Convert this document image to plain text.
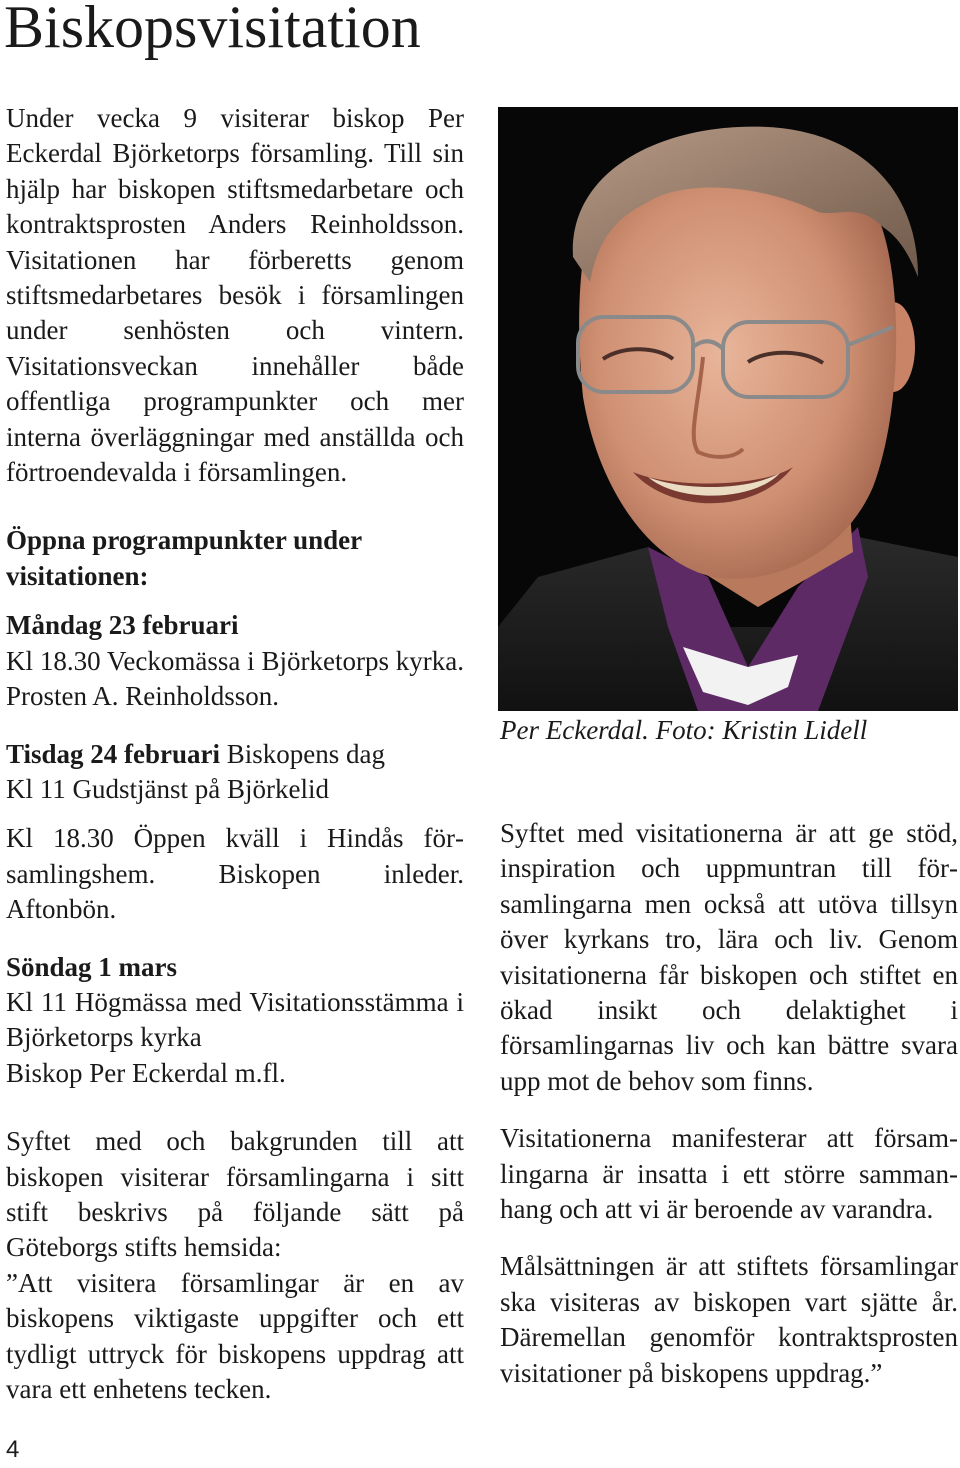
Biskopsvisitation

Under vecka 9 visiterar biskop Per Eckerdal Björketorps församling. Till sin hjälp har biskopen stiftsmedarbetare och kontraktsprosten Anders Reinholdsson. Visitationen har förberetts genom stiftsmedarbetares besök i församlingen under senhösten och vintern. Visitationsveckan innehåller både offentliga programpunkter och mer interna överläggningar med anställda och förtroendevalda i församlingen.

Öppna programpunkter under visitationen:

Måndag 23 februari

Kl 18.30 Veckomässa i Björketorps kyrka. Prosten A. Reinholdsson.

Tisdag 24 februari Biskopens dag

Kl 11 Gudstjänst på Björkelid

Kl 18.30 Öppen kväll i Hindås församlingshem. Biskopen inleder. Aftonbön.

Söndag 1 mars

Kl 11 Högmässa med Visitationsstämma i Björketorps kyrka

Biskop Per Eckerdal m.fl.

Syftet med och bakgrunden till att biskopen visiterar församlingarna i sitt stift beskrivs på följande sätt på Göteborgs stifts hemsida:

”Att visitera församlingar är en av biskopens viktigaste uppgifter och ett tydligt uttryck för biskopens uppdrag att vara ett enhetens tecken.

Per Eckerdal. Foto: Kristin Lidell

Syftet med visitationerna är att ge stöd, inspiration och uppmuntran till församlingarna men också att utöva tillsyn över kyrkans tro, lära och liv. Genom visitationerna får biskopen och stiftet en ökad insikt och delaktighet i församlingarnas liv och kan bättre svara upp mot de behov som finns.

Visitationerna manifesterar att församlingarna är insatta i ett större sammanhang och att vi är beroende av varandra.

Målsättningen är att stiftets församlingar ska visiteras av biskopen vart sjätte år. Däremellan genomför kontraktsprosten visitationer på biskopens uppdrag.”

4
